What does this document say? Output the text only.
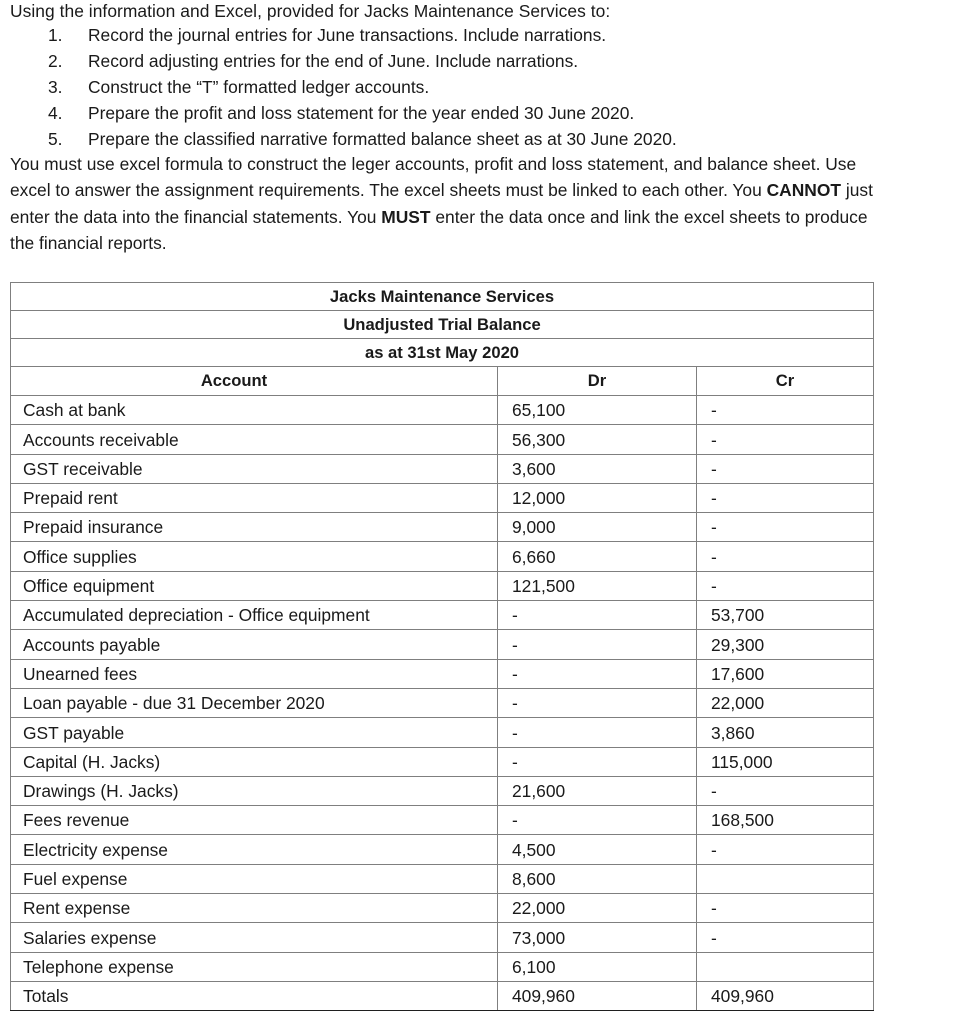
Using the information and Excel, provided for Jacks Maintenance Services to:
1. Record the journal entries for June transactions. Include narrations.
2. Record adjusting entries for the end of June. Include narrations.
3. Construct the “T” formatted ledger accounts.
4. Prepare the profit and loss statement for the year ended 30 June 2020.
5. Prepare the classified narrative formatted balance sheet as at 30 June 2020.

You must use excel formula to construct the leger accounts, profit and loss statement, and balance sheet. Use excel to answer the assignment requirements. The excel sheets must be linked to each other. You CANNOT just enter the data into the financial statements. You MUST enter the data once and link the excel sheets to produce the financial reports.

Jacks Maintenance Services		
Unadjusted Trial Balance		
as at 31st May 2020		
Account	Dr	Cr
Cash at bank	65,100	-
Accounts receivable	56,300	-
GST receivable	3,600	-
Prepaid rent	12,000	-
Prepaid insurance	9,000	-
Office supplies	6,660	-
Office equipment	121,500	-
Accumulated depreciation - Office equipment	-	53,700
Accounts payable	-	29,300
Unearned fees	-	17,600
Loan payable - due 31 December 2020	-	22,000
GST payable	-	3,860
Capital (H. Jacks)	-	115,000
Drawings (H. Jacks)	21,600	-
Fees revenue	-	168,500
Electricity expense	4,500	-
Fuel expense	8,600	
Rent expense	22,000	-
Salaries expense	73,000	-
Telephone expense	6,100	
Totals	409,960	409,960
